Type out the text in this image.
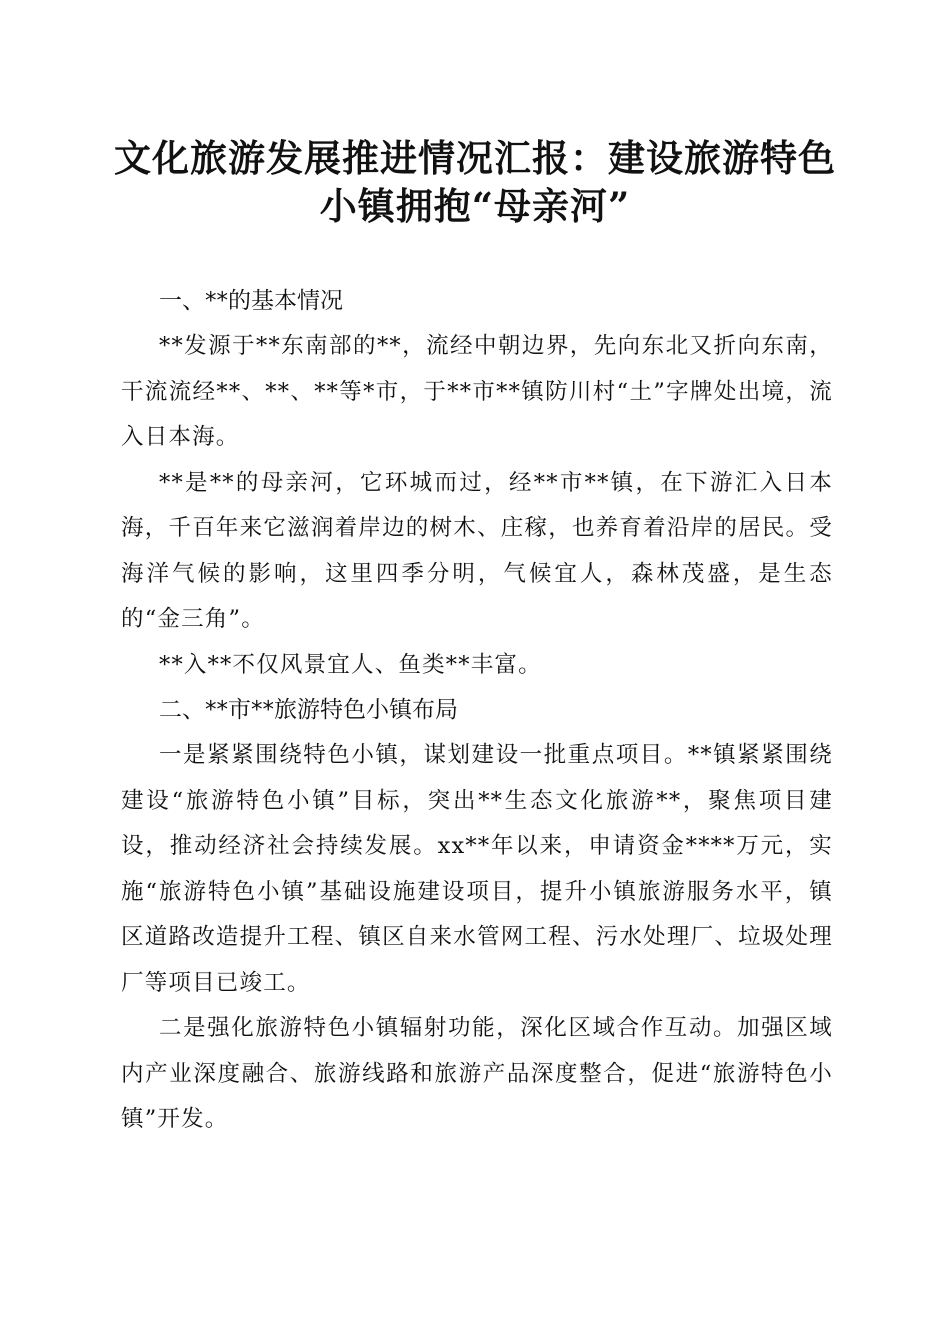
文化旅游发展推进情况汇报：建设旅游特色小镇拥抱“母亲河”

一、**的基本情况

**发源于**东南部的**，流经中朝边界，先向东北又折向东南，干流流经**、**、**等*市，于**市**镇防川村“土”字牌处出境，流入日本海。

**是**的母亲河，它环城而过，经**市**镇，在下游汇入日本海，千百年来它滋润着岸边的树木、庄稼，也养育着沿岸的居民。受海洋气候的影响，这里四季分明，气候宜人，森林茂盛，是生态的“金三角”。

**入**不仅风景宜人、鱼类**丰富。

二、**市**旅游特色小镇布局

一是紧紧围绕特色小镇，谋划建设一批重点项目。**镇紧紧围绕建设“旅游特色小镇”目标，突出**生态文化旅游**，聚焦项目建设，推动经济社会持续发展。xx**年以来，申请资金****万元，实施“旅游特色小镇”基础设施建设项目，提升小镇旅游服务水平，镇区道路改造提升工程、镇区自来水管网工程、污水处理厂、垃圾处理厂等项目已竣工。

二是强化旅游特色小镇辐射功能，深化区域合作互动。加强区域内产业深度融合、旅游线路和旅游产品深度整合，促进“旅游特色小镇”开发。
